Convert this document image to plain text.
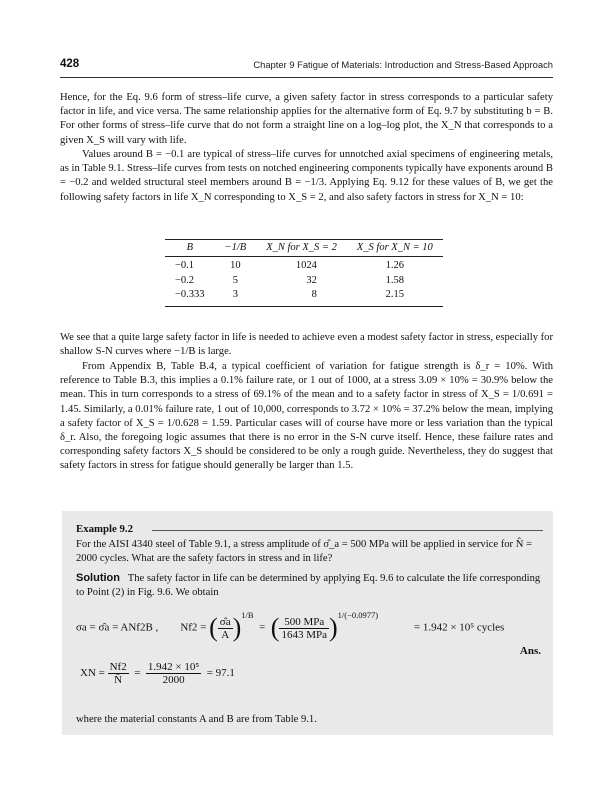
428	Chapter 9 Fatigue of Materials: Introduction and Stress-Based Approach

Hence, for the Eq. 9.6 form of stress–life curve, a given safety factor in stress corresponds to a particular safety factor in life, and vice versa. The same relationship applies for the alternative form of Eq. 9.7 by substituting b = B. For other forms of stress–life curve that do not form a straight line on a log–log plot, the X_N that corresponds to a given X_S will vary with life.

Values around B = −0.1 are typical of stress–life curves for unnotched axial specimens of engineering metals, as in Table 9.1. Stress–life curves from tests on notched engineering components typically have exponents around B = −0.2 and welded structural steel members around B = −1/3. Applying Eq. 9.12 for these values of B, we get the following safety factors in life X_N corresponding to X_S = 2, and also safety factors in stress for X_N = 10:

B	−1/B	X_N for X_S = 2	X_S for X_N = 10
−0.1	10	1024	1.26
−0.2	5	32	1.58
−0.333	3	8	2.15

We see that a quite large safety factor in life is needed to achieve even a modest safety factor in stress, especially for shallow S-N curves where −1/B is large.

From Appendix B, Table B.4, a typical coefficient of variation for fatigue strength is δ_r = 10%. With reference to Table B.3, this implies a 0.1% failure rate, or 1 out of 1000, at a stress 3.09 × 10% = 30.9% below the mean. This in turn corresponds to a stress of 69.1% of the mean and to a safety factor in stress of X_S = 1/0.691 = 1.45. Similarly, a 0.01% failure rate, 1 out of 10,000, corresponds to 3.72 × 10% = 37.2% below the mean, implying a safety factor of X_S = 1/0.628 = 1.59. Particular cases will of course have more or less variation than the typical δ_r. Also, the foregoing logic assumes that there is no error in the S-N curve itself. Hence, these failure rates and corresponding safety factors X_S should be considered to be only a rough guide. Nevertheless, they do suggest that safety factors in stress for fatigue should generally be larger than 1.5.

Example 9.2

For the AISI 4340 steel of Table 9.1, a stress amplitude of σ̂_a = 500 MPa will be applied in service for N̂ = 2000 cycles. What are the safety factors in stress and in life?

Solution The safety factor in life can be determined by applying Eq. 9.6 to calculate the life corresponding to Point (2) in Fig. 9.6. We obtain

σa = σ̂a = ANf2B , Nf2 = ( $\frac{\sigmâa}{A} )^{1/B}$  =  ( $\frac{\text{500 MPa}}{\text{1643 MPa}} )^{1/(-0.0977)}$             = 1.942 × 10⁵ cycles
XN = $\frac{Nf2}{N̂} = \frac{\text{1.942 × 10⁵}}{2000} = 97.1$
Ans.

where the material constants A and B are from Table 9.1.
